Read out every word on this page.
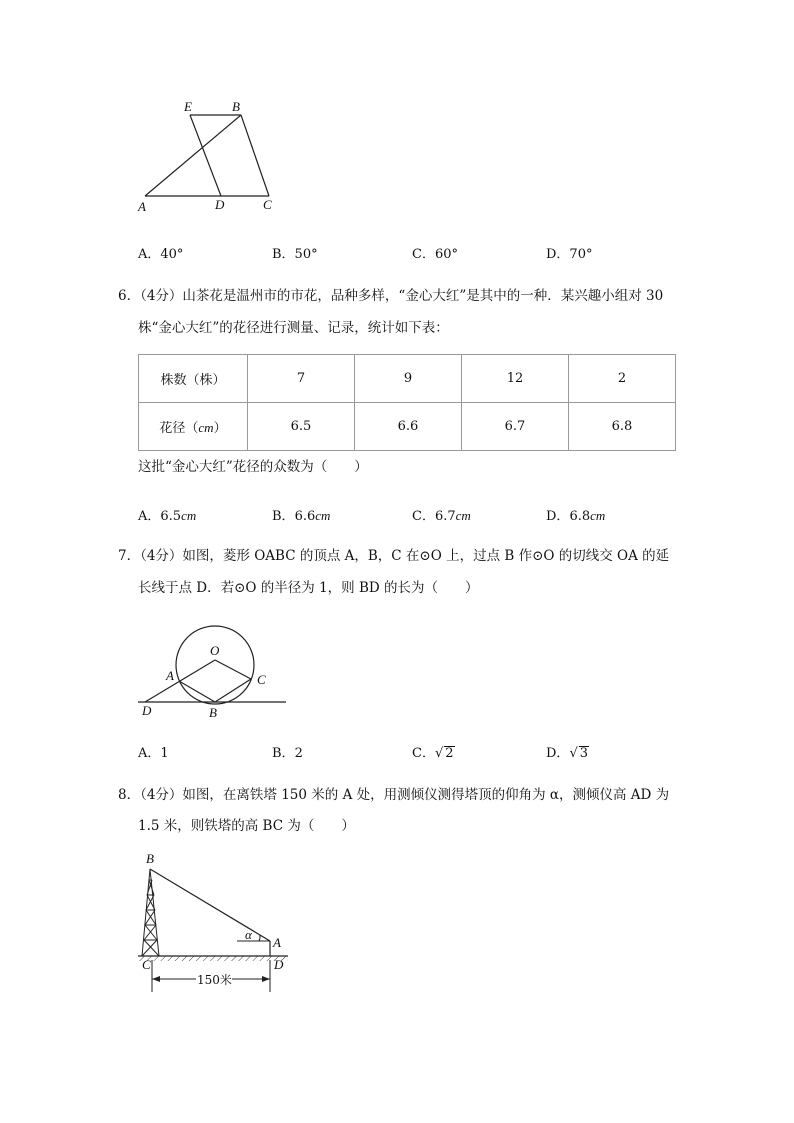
E	B
A	D	C
A．40°	B．50°	C．60°	D．70°
6．（4分）山茶花是温州市的市花，品种多样，“金心大红”是其中的一种．某兴趣小组对 30
株“金心大红”的花径进行测量、记录，统计如下表：
株数（株）	7	9	12	2
花径（cm）	6.5	6.6	6.7	6.8
这批“金心大红”花径的众数为（　　）
A．6.5cm	B．6.6cm	C．6.7cm	D．6.8cm
7．（4分）如图，菱形 OABC 的顶点 A，B，C 在⊙O 上，过点 B 作⊙O 的切线交 OA 的延
长线于点 D．若⊙O 的半径为 1，则 BD 的长为（　　）
O
A	C
D	B
A．1	B．2	C．√ 2	D．√ 3
8．（4分）如图，在离铁塔 150 米的 A 处，用测倾仪测得塔顶的仰角为 α，测倾仪高 AD 为
1.5 米，则铁塔的高 BC 为（　　）
B
α
A
C	D
150米
